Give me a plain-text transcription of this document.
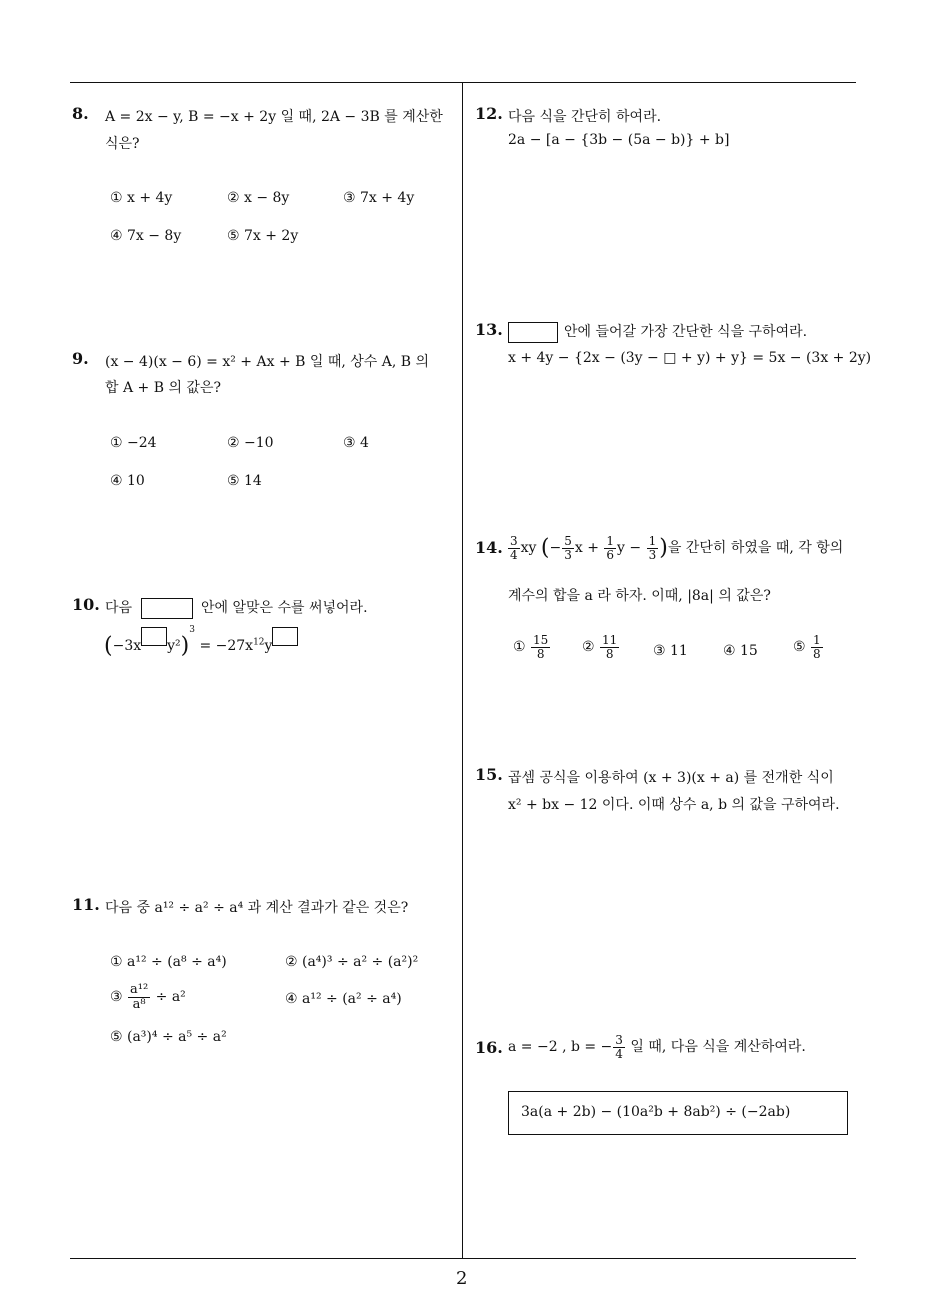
8. A = 2x − y, B = −x + 2y 일 때, 2A − 3B 를 계산한
식은?
① x + 4y	② x − 8y	③ 7x + 4y
④ 7x − 8y	⑤ 7x + 2y
9. (x − 4)(x − 6) = x² + Ax + B 일 때, 상수 A, B 의
합 A + B 의 값은?
① −24	② −10	③ 4
④ 10	⑤ 14
10. 다음	안에 알맞은 수를 써넣어라.
(−3x $y^2)^3 = -27x^{12}y$
11. 다음 중 a¹² ÷ a² ÷ a⁴ 과 계산 결과가 같은 것은?
① a¹² ÷ (a⁸ ÷ a⁴)	② (a⁴)³ ÷ a² ÷ (a²)²
③ $\frac{\text{a¹²}}{\text{a⁸}} \div a^2$	④ a¹² ÷ (a² ÷ a⁴)
⑤ (a³)⁴ ÷ a⁵ ÷ a²
12. 다음 식을 간단히 하여라.
2a − [a − {3b − (5a − b)} + b]
13.	안에 들어갈 가장 간단한 식을 구하여라.
x + 4y − {2x − (3y − □ + y) + y} = 5x − (3x + 2y)
14. $\frac{3}{4}$ xy (− $\frac{5}{3}$ $x + \frac{1}{6}$ $y - \frac{1}{3}$ )을 간단히 하였을 때, 각 항의
계수의 합을 a 라 하자. 이때, |8a| 의 값은?
① $\frac{15}{8}$ ② $\frac{11}{8}$ ③ 11	④ 15	⑤ $\frac{1}{8}$
15. 곱셈 공식을 이용하여 (x + 3)(x + a) 를 전개한 식이
x² + bx − 12 이다. 이때 상수 a, b 의 값을 구하여라.
16. a = −2 , b = − $\frac{3}{4}$ 일 때, 다음 식을 계산하여라.
3a(a + 2b) − (10a²b + 8ab²) ÷ (−2ab)
2
